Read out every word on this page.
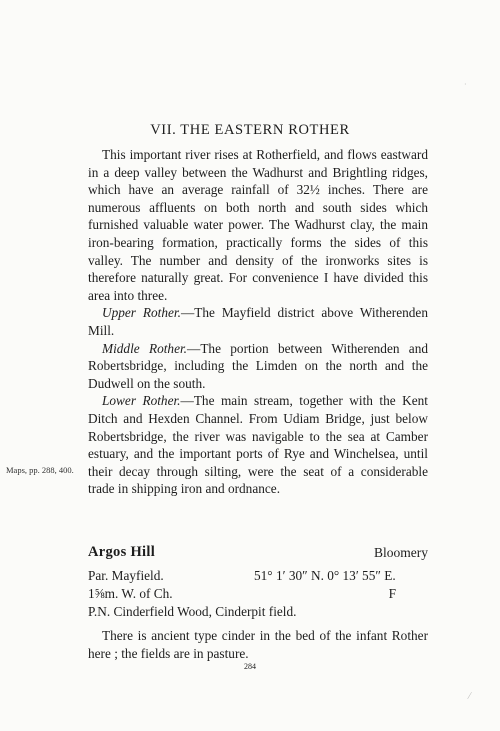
·
VII. THE EASTERN ROTHER

This important river rises at Rotherfield, and flows eastward in a deep valley between the Wadhurst and Brightling ridges, which have an average rainfall of 32½ inches. There are numerous affluents on both north and south sides which furnished valuable water power. The Wadhurst clay, the main iron-bearing formation, practically forms the sides of this valley. The number and density of the ironworks sites is therefore naturally great. For convenience I have divided this area into three.

Upper Rother.—The Mayfield district above Witherenden Mill.

Middle Rother.—The portion between Witherenden and Robertsbridge, including the Limden on the north and the Dudwell on the south.

Lower Rother.—The main stream, together with the Kent Ditch and Hexden Channel. From Udiam Bridge, just below Robertsbridge, the river was navigable to the sea at Camber estuary, and the important ports of Rye and Winchelsea, until their decay through silting, were the seat of a considerable trade in shipping iron and ordnance.

Maps, pp. 288, 400.
Argos Hill	Bloomery
Par. Mayfield.	51° 1′ 30″ N. 0° 13′ 55″ E.
1⅝m. W. of Ch.	F
P.N. Cinderfield Wood, Cinderpit field.

There is ancient type cinder in the bed of the infant Rother here ; the fields are in pasture.

284
/
